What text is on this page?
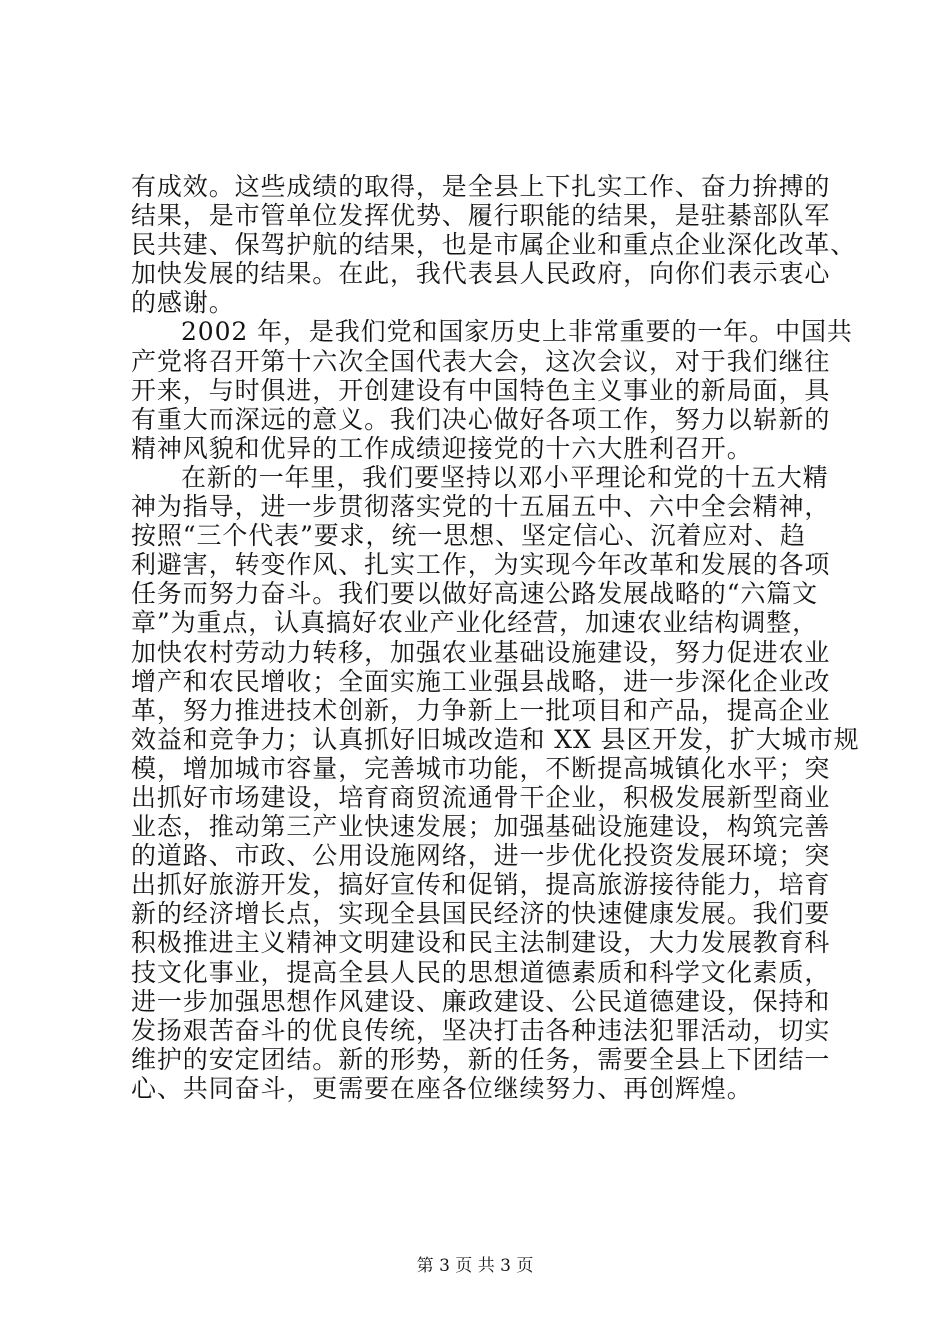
有成效。这些成绩的取得，是全县上下扎实工作、奋力拚搏的
结果，是市管单位发挥优势、履行职能的结果，是驻綦部队军
民共建、保驾护航的结果，也是市属企业和重点企业深化改革、
加快发展的结果。在此，我代表县人民政府，向你们表示衷心
的感谢。
2002 年，是我们党和国家历史上非常重要的一年。中国共
产党将召开第十六次全国代表大会，这次会议，对于我们继往
开来，与时俱进，开创建设有中国特色主义事业的新局面，具
有重大而深远的意义。我们决心做好各项工作，努力以崭新的
精神风貌和优异的工作成绩迎接党的十六大胜利召开。
在新的一年里，我们要坚持以邓小平理论和党的十五大精
神为指导，进一步贯彻落实党的十五届五中、六中全会精神，
按照“三个代表”要求，统一思想、坚定信心、沉着应对、趋
利避害，转变作风、扎实工作，为实现今年改革和发展的各项
任务而努力奋斗。我们要以做好高速公路发展战略的“六篇文
章”为重点，认真搞好农业产业化经营，加速农业结构调整，
加快农村劳动力转移，加强农业基础设施建设，努力促进农业
增产和农民增收；全面实施工业强县战略，进一步深化企业改
革，努力推进技术创新，力争新上一批项目和产品，提高企业
效益和竞争力；认真抓好旧城改造和 XX 县区开发，扩大城市规
模，增加城市容量，完善城市功能，不断提高城镇化水平；突
出抓好市场建设，培育商贸流通骨干企业，积极发展新型商业
业态，推动第三产业快速发展；加强基础设施建设，构筑完善
的道路、市政、公用设施网络，进一步优化投资发展环境；突
出抓好旅游开发，搞好宣传和促销，提高旅游接待能力，培育
新的经济增长点，实现全县国民经济的快速健康发展。我们要
积极推进主义精神文明建设和民主法制建设，大力发展教育科
技文化事业，提高全县人民的思想道德素质和科学文化素质，
进一步加强思想作风建设、廉政建设、公民道德建设，保持和
发扬艰苦奋斗的优良传统，坚决打击各种违法犯罪活动，切实
维护的安定团结。新的形势，新的任务，需要全县上下团结一
心、共同奋斗，更需要在座各位继续努力、再创辉煌。
第 3 页 共 3 页
